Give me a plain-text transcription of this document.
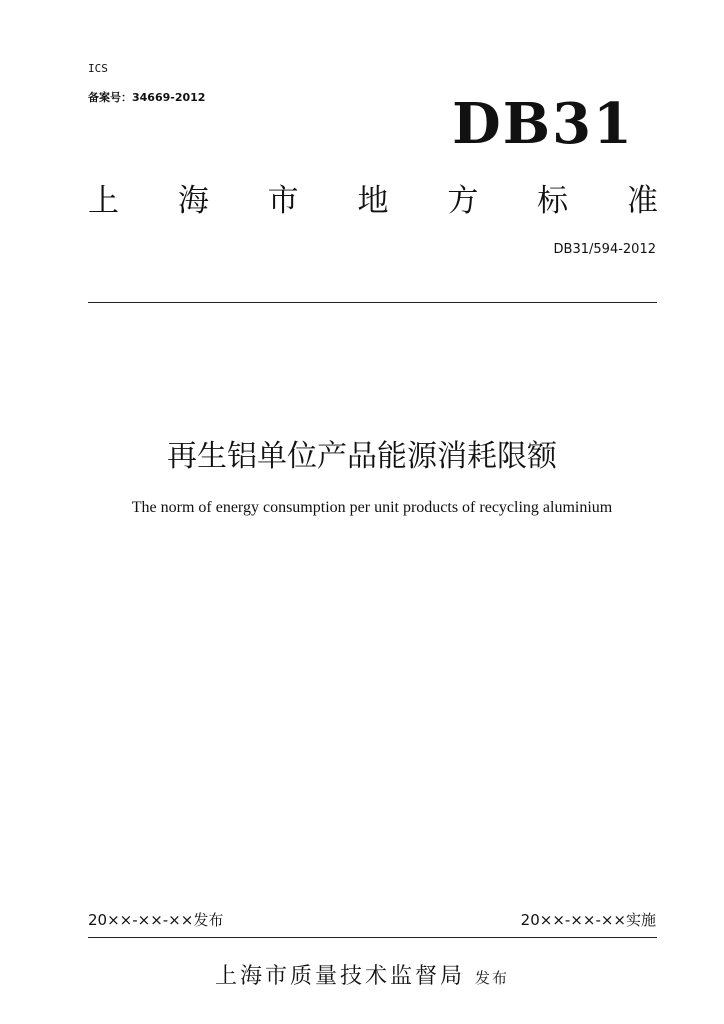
ICS
备案号：34669-2012	DB31
上 海 市 地 方 标 准
DB31/594-2012
再生铝单位产品能源消耗限额
The norm of energy consumption per unit products of recycling aluminium
20××-××-××发布	20××-××-××实施
上海市质量技术监督局 发布
